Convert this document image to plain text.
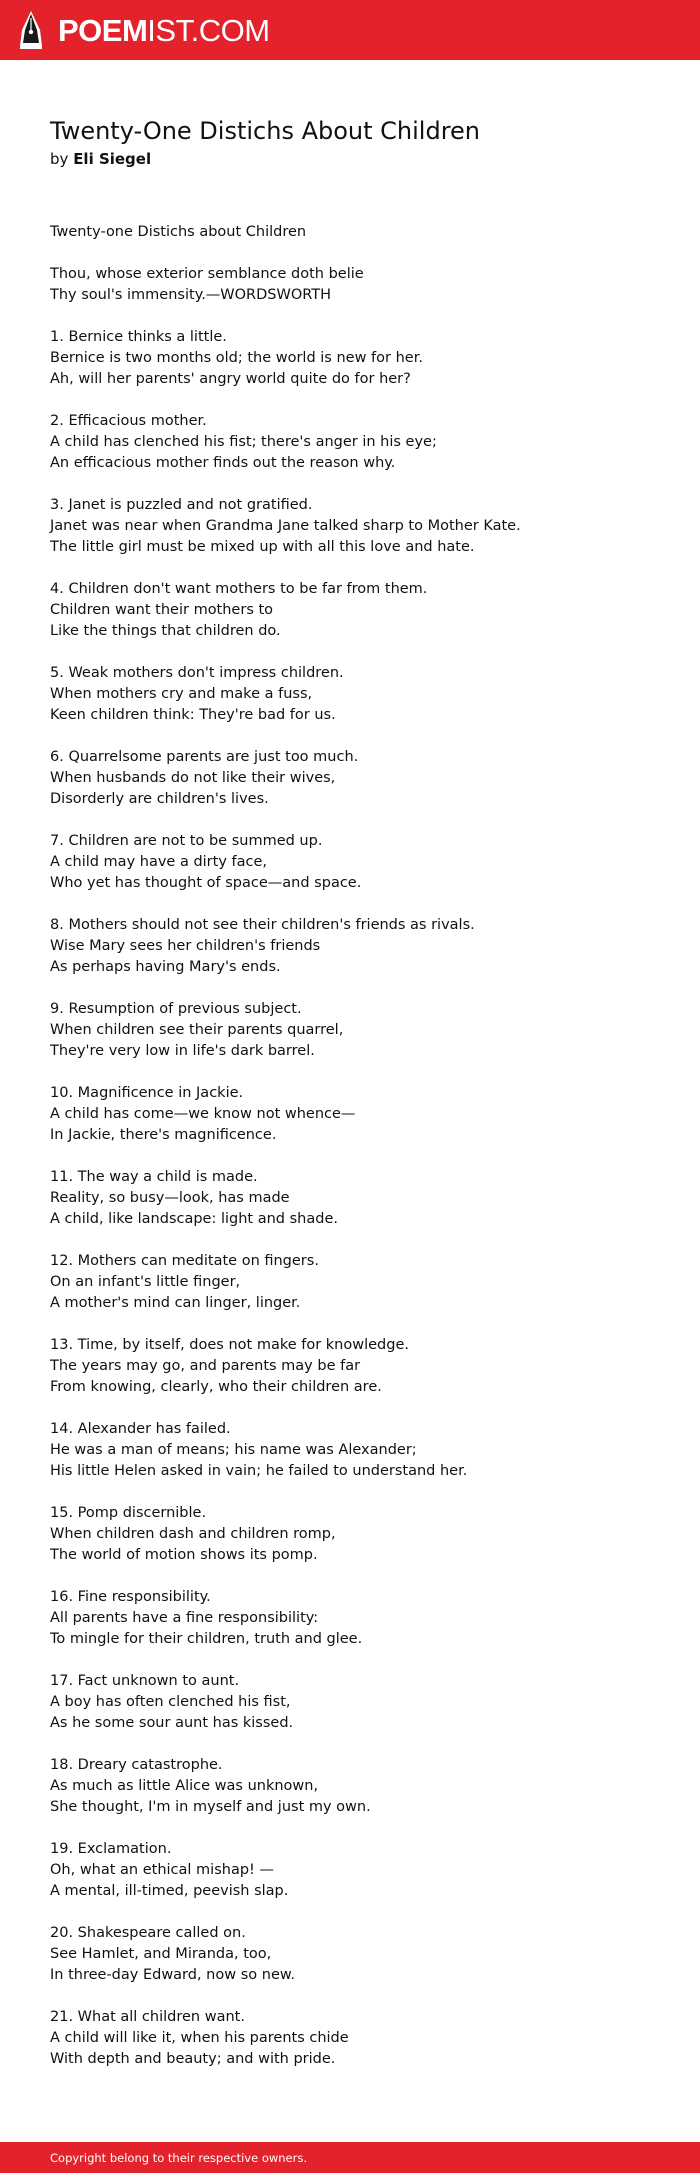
POEMIST.COM
Twenty-One Distichs About Children
by Eli Siegel
Twenty-one Distichs about Children
Thou, whose exterior semblance doth belie
Thy soul's immensity.—WORDSWORTH
1. Bernice thinks a little.
Bernice is two months old; the world is new for her.
Ah, will her parents' angry world quite do for her?
2. Efficacious mother.
A child has clenched his fist; there's anger in his eye;
An efficacious mother finds out the reason why.
3. Janet is puzzled and not gratified.
Janet was near when Grandma Jane talked sharp to Mother Kate.
The little girl must be mixed up with all this love and hate.
4. Children don't want mothers to be far from them.
Children want their mothers to
Like the things that children do.
5. Weak mothers don't impress children.
When mothers cry and make a fuss,
Keen children think: They're bad for us.
6. Quarrelsome parents are just too much.
When husbands do not like their wives,
Disorderly are children's lives.
7. Children are not to be summed up.
A child may have a dirty face,
Who yet has thought of space—and space.
8. Mothers should not see their children's friends as rivals.
Wise Mary sees her children's friends
As perhaps having Mary's ends.
9. Resumption of previous subject.
When children see their parents quarrel,
They're very low in life's dark barrel.
10. Magnificence in Jackie.
A child has come—we know not whence—
In Jackie, there's magnificence.
11. The way a child is made.
Reality, so busy—look, has made
A child, like landscape: light and shade.
12. Mothers can meditate on fingers.
On an infant's little finger,
A mother's mind can linger, linger.
13. Time, by itself, does not make for knowledge.
The years may go, and parents may be far
From knowing, clearly, who their children are.
14. Alexander has failed.
He was a man of means; his name was Alexander;
His little Helen asked in vain; he failed to understand her.
15. Pomp discernible.
When children dash and children romp,
The world of motion shows its pomp.
16. Fine responsibility.
All parents have a fine responsibility:
To mingle for their children, truth and glee.
17. Fact unknown to aunt.
A boy has often clenched his fist,
As he some sour aunt has kissed.
18. Dreary catastrophe.
As much as little Alice was unknown,
She thought, I'm in myself and just my own.
19. Exclamation.
Oh, what an ethical mishap! —
A mental, ill-timed, peevish slap.
20. Shakespeare called on.
See Hamlet, and Miranda, too,
In three-day Edward, now so new.
21. What all children want.
A child will like it, when his parents chide
With depth and beauty; and with pride.
Copyright belong to their respective owners.
